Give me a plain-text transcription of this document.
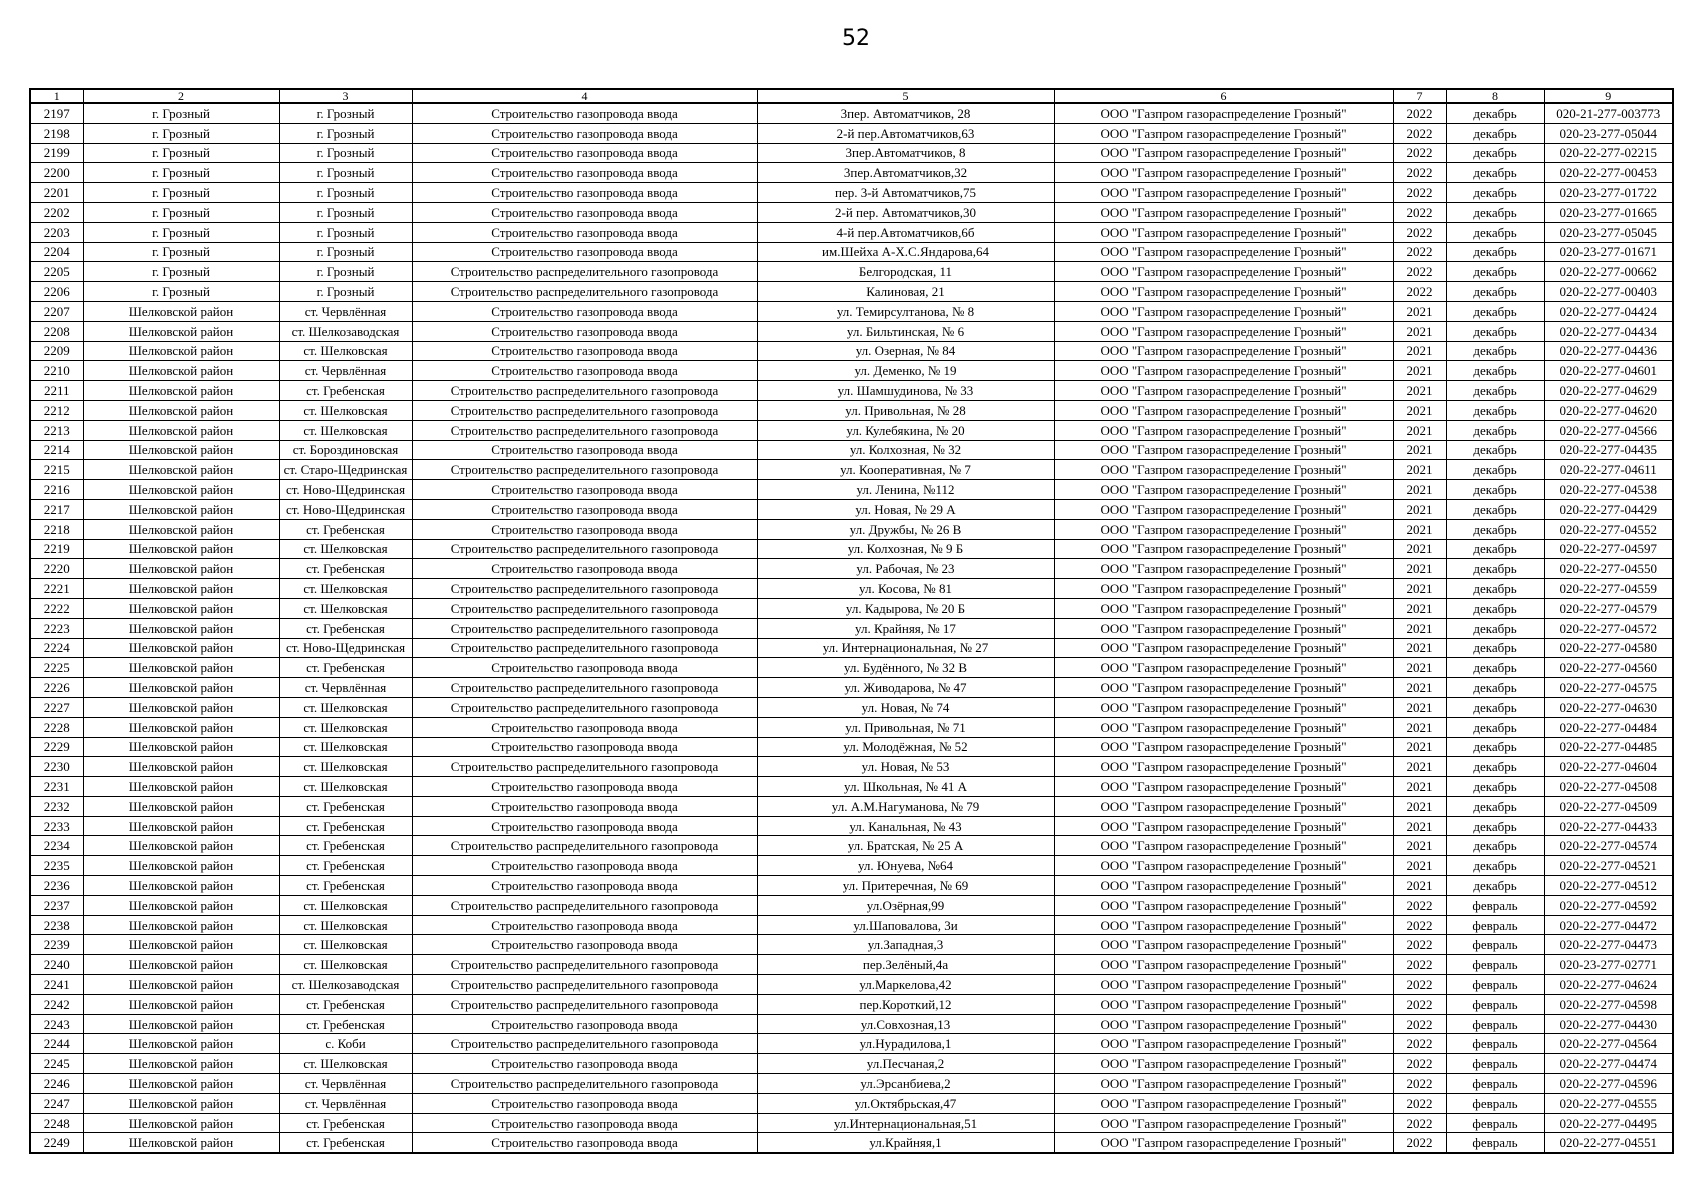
52
1	2	3	4	5	6	7	8	9
2197	г. Грозный	г. Грозный	Строительство газопровода ввода	3пер. Автоматчиков, 28	ООО "Газпром газораспределение Грозный"	2022	декабрь	020-21-277-003773
2198	г. Грозный	г. Грозный	Строительство газопровода ввода	2-й пер.Автоматчиков,63	ООО "Газпром газораспределение Грозный"	2022	декабрь	020-23-277-05044
2199	г. Грозный	г. Грозный	Строительство газопровода ввода	3пер.Автоматчиков, 8	ООО "Газпром газораспределение Грозный"	2022	декабрь	020-22-277-02215
2200	г. Грозный	г. Грозный	Строительство газопровода ввода	3пер.Автоматчиков,32	ООО "Газпром газораспределение Грозный"	2022	декабрь	020-22-277-00453
2201	г. Грозный	г. Грозный	Строительство газопровода ввода	пер. 3-й Автоматчиков,75	ООО "Газпром газораспределение Грозный"	2022	декабрь	020-23-277-01722
2202	г. Грозный	г. Грозный	Строительство газопровода ввода	2-й пер. Автоматчиков,30	ООО "Газпром газораспределение Грозный"	2022	декабрь	020-23-277-01665
2203	г. Грозный	г. Грозный	Строительство газопровода ввода	4-й пер.Автоматчиков,6б	ООО "Газпром газораспределение Грозный"	2022	декабрь	020-23-277-05045
2204	г. Грозный	г. Грозный	Строительство газопровода ввода	им.Шейха А-Х.С.Яндарова,64	ООО "Газпром газораспределение Грозный"	2022	декабрь	020-23-277-01671
2205	г. Грозный	г. Грозный	Строительство распределительного газопровода	Белгородская, 11	ООО "Газпром газораспределение Грозный"	2022	декабрь	020-22-277-00662
2206	г. Грозный	г. Грозный	Строительство распределительного газопровода	Калиновая, 21	ООО "Газпром газораспределение Грозный"	2022	декабрь	020-22-277-00403
2207	Шелковской район	ст. Червлённая	Строительство газопровода ввода	ул. Темирсултанова, № 8	ООО "Газпром газораспределение Грозный"	2021	декабрь	020-22-277-04424
2208	Шелковской район	ст. Шелкозаводская	Строительство газопровода ввода	ул. Бильтинская, № 6	ООО "Газпром газораспределение Грозный"	2021	декабрь	020-22-277-04434
2209	Шелковской район	ст. Шелковская	Строительство газопровода ввода	ул. Озерная, № 84	ООО "Газпром газораспределение Грозный"	2021	декабрь	020-22-277-04436
2210	Шелковской район	ст. Червлённая	Строительство газопровода ввода	ул. Деменко, № 19	ООО "Газпром газораспределение Грозный"	2021	декабрь	020-22-277-04601
2211	Шелковской район	ст. Гребенская	Строительство распределительного газопровода	ул. Шамшудинова, № 33	ООО "Газпром газораспределение Грозный"	2021	декабрь	020-22-277-04629
2212	Шелковской район	ст. Шелковская	Строительство распределительного газопровода	ул. Привольная, № 28	ООО "Газпром газораспределение Грозный"	2021	декабрь	020-22-277-04620
2213	Шелковской район	ст. Шелковская	Строительство распределительного газопровода	ул. Кулебякина, № 20	ООО "Газпром газораспределение Грозный"	2021	декабрь	020-22-277-04566
2214	Шелковской район	ст. Бороздиновская	Строительство газопровода ввода	ул. Колхозная, № 32	ООО "Газпром газораспределение Грозный"	2021	декабрь	020-22-277-04435
2215	Шелковской район	ст. Старо-Щедринская	Строительство распределительного газопровода	ул. Кооперативная, № 7	ООО "Газпром газораспределение Грозный"	2021	декабрь	020-22-277-04611
2216	Шелковской район	ст. Ново-Щедринская	Строительство газопровода ввода	ул. Ленина, №112	ООО "Газпром газораспределение Грозный"	2021	декабрь	020-22-277-04538
2217	Шелковской район	ст. Ново-Щедринская	Строительство газопровода ввода	ул. Новая, № 29 А	ООО "Газпром газораспределение Грозный"	2021	декабрь	020-22-277-04429
2218	Шелковской район	ст. Гребенская	Строительство газопровода ввода	ул. Дружбы, № 26 В	ООО "Газпром газораспределение Грозный"	2021	декабрь	020-22-277-04552
2219	Шелковской район	ст. Шелковская	Строительство распределительного газопровода	ул. Колхозная, № 9 Б	ООО "Газпром газораспределение Грозный"	2021	декабрь	020-22-277-04597
2220	Шелковской район	ст. Гребенская	Строительство газопровода ввода	ул. Рабочая, № 23	ООО "Газпром газораспределение Грозный"	2021	декабрь	020-22-277-04550
2221	Шелковской район	ст. Шелковская	Строительство распределительного газопровода	ул. Косова, № 81	ООО "Газпром газораспределение Грозный"	2021	декабрь	020-22-277-04559
2222	Шелковской район	ст. Шелковская	Строительство распределительного газопровода	ул. Кадырова, № 20 Б	ООО "Газпром газораспределение Грозный"	2021	декабрь	020-22-277-04579
2223	Шелковской район	ст. Гребенская	Строительство распределительного газопровода	ул. Крайняя, № 17	ООО "Газпром газораспределение Грозный"	2021	декабрь	020-22-277-04572
2224	Шелковской район	ст. Ново-Щедринская	Строительство распределительного газопровода	ул. Интернациональная, № 27	ООО "Газпром газораспределение Грозный"	2021	декабрь	020-22-277-04580
2225	Шелковской район	ст. Гребенская	Строительство газопровода ввода	ул. Будённого, № 32 В	ООО "Газпром газораспределение Грозный"	2021	декабрь	020-22-277-04560
2226	Шелковской район	ст. Червлённая	Строительство распределительного газопровода	ул. Живодарова, № 47	ООО "Газпром газораспределение Грозный"	2021	декабрь	020-22-277-04575
2227	Шелковской район	ст. Шелковская	Строительство распределительного газопровода	ул. Новая, № 74	ООО "Газпром газораспределение Грозный"	2021	декабрь	020-22-277-04630
2228	Шелковской район	ст. Шелковская	Строительство газопровода ввода	ул. Привольная, № 71	ООО "Газпром газораспределение Грозный"	2021	декабрь	020-22-277-04484
2229	Шелковской район	ст. Шелковская	Строительство газопровода ввода	ул. Молодёжная, № 52	ООО "Газпром газораспределение Грозный"	2021	декабрь	020-22-277-04485
2230	Шелковской район	ст. Шелковская	Строительство распределительного газопровода	ул. Новая, № 53	ООО "Газпром газораспределение Грозный"	2021	декабрь	020-22-277-04604
2231	Шелковской район	ст. Шелковская	Строительство газопровода ввода	ул. Школьная, № 41 А	ООО "Газпром газораспределение Грозный"	2021	декабрь	020-22-277-04508
2232	Шелковской район	ст. Гребенская	Строительство газопровода ввода	ул. А.М.Нагуманова, № 79	ООО "Газпром газораспределение Грозный"	2021	декабрь	020-22-277-04509
2233	Шелковской район	ст. Гребенская	Строительство газопровода ввода	ул. Канальная, № 43	ООО "Газпром газораспределение Грозный"	2021	декабрь	020-22-277-04433
2234	Шелковской район	ст. Гребенская	Строительство распределительного газопровода	ул. Братская, № 25 А	ООО "Газпром газораспределение Грозный"	2021	декабрь	020-22-277-04574
2235	Шелковской район	ст. Гребенская	Строительство газопровода ввода	ул. Юнуева, №64	ООО "Газпром газораспределение Грозный"	2021	декабрь	020-22-277-04521
2236	Шелковской район	ст. Гребенская	Строительство газопровода ввода	ул. Притеречная, № 69	ООО "Газпром газораспределение Грозный"	2021	декабрь	020-22-277-04512
2237	Шелковской район	ст. Шелковская	Строительство распределительного газопровода	ул.Озёрная,99	ООО "Газпром газораспределение Грозный"	2022	февраль	020-22-277-04592
2238	Шелковской район	ст. Шелковская	Строительство газопровода ввода	ул.Шаповалова, 3и	ООО "Газпром газораспределение Грозный"	2022	февраль	020-22-277-04472
2239	Шелковской район	ст. Шелковская	Строительство газопровода ввода	ул.Западная,3	ООО "Газпром газораспределение Грозный"	2022	февраль	020-22-277-04473
2240	Шелковской район	ст. Шелковская	Строительство распределительного газопровода	пер.Зелёный,4а	ООО "Газпром газораспределение Грозный"	2022	февраль	020-23-277-02771
2241	Шелковской район	ст. Шелкозаводская	Строительство распределительного газопровода	ул.Маркелова,42	ООО "Газпром газораспределение Грозный"	2022	февраль	020-22-277-04624
2242	Шелковской район	ст. Гребенская	Строительство распределительного газопровода	пер.Короткий,12	ООО "Газпром газораспределение Грозный"	2022	февраль	020-22-277-04598
2243	Шелковской район	ст. Гребенская	Строительство газопровода ввода	ул.Совхозная,13	ООО "Газпром газораспределение Грозный"	2022	февраль	020-22-277-04430
2244	Шелковской район	с. Коби	Строительство распределительного газопровода	ул.Нурадилова,1	ООО "Газпром газораспределение Грозный"	2022	февраль	020-22-277-04564
2245	Шелковской район	ст. Шелковская	Строительство газопровода ввода	ул.Песчаная,2	ООО "Газпром газораспределение Грозный"	2022	февраль	020-22-277-04474
2246	Шелковской район	ст. Червлённая	Строительство распределительного газопровода	ул.Эрсанбиева,2	ООО "Газпром газораспределение Грозный"	2022	февраль	020-22-277-04596
2247	Шелковской район	ст. Червлённая	Строительство газопровода ввода	ул.Октябрьская,47	ООО "Газпром газораспределение Грозный"	2022	февраль	020-22-277-04555
2248	Шелковской район	ст. Гребенская	Строительство газопровода ввода	ул.Интернациональная,51	ООО "Газпром газораспределение Грозный"	2022	февраль	020-22-277-04495
2249	Шелковской район	ст. Гребенская	Строительство газопровода ввода	ул.Крайняя,1	ООО "Газпром газораспределение Грозный"	2022	февраль	020-22-277-04551
